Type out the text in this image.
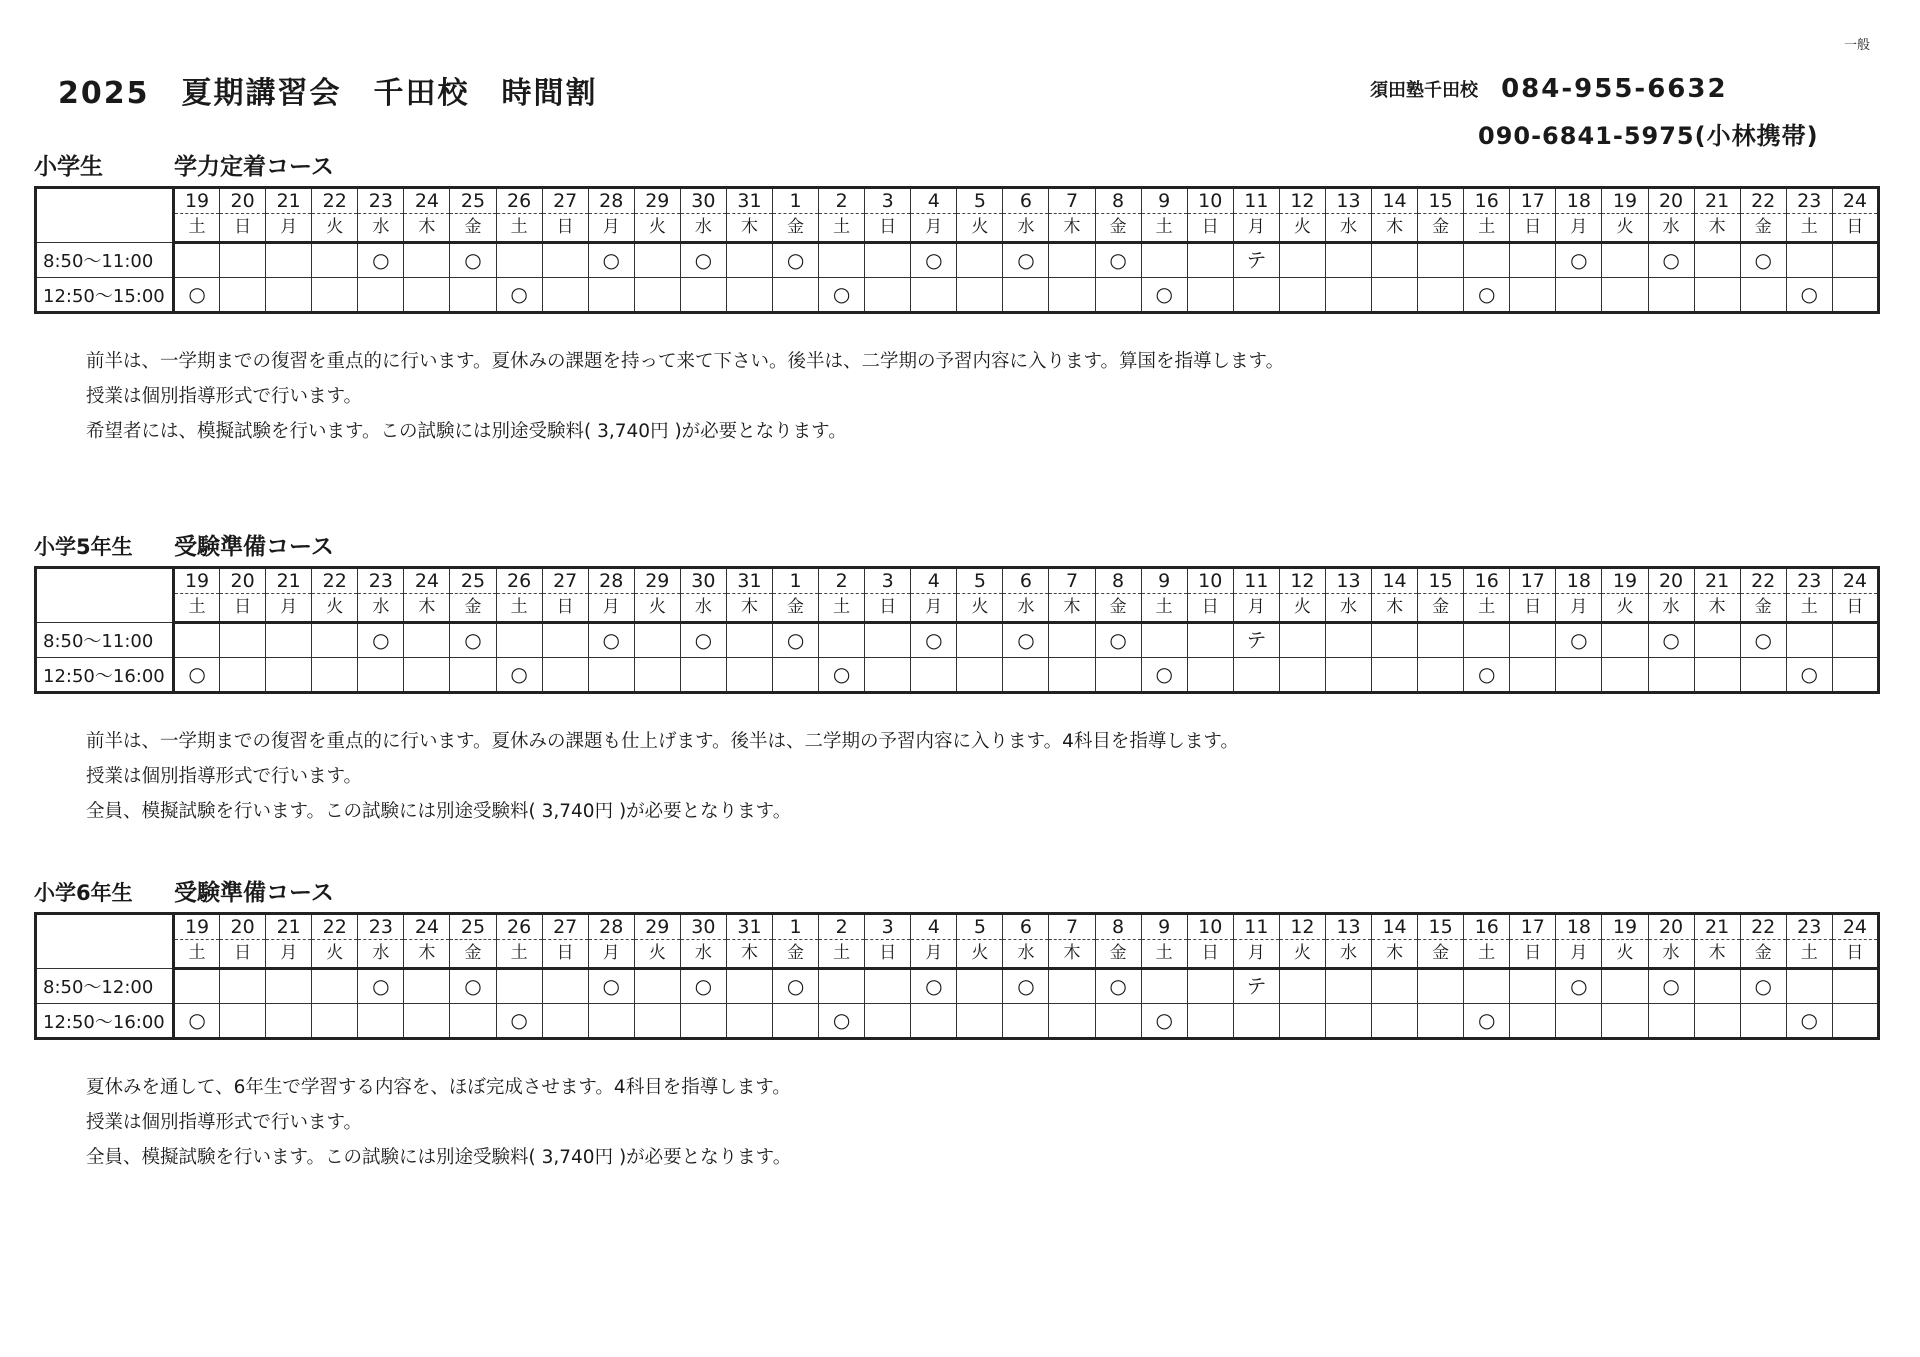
一般
2025　夏期講習会　千田校　時間割	須田塾千田校 084-955-6632
090-6841-5975(小林携帯)
小学生	学力定着コース
	19	20	21	22	23	24	25	26	27	28	29	30	31	1	2	3	4	5	6	7	8	9	10	11	12	13	14	15	16	17	18	19	20	21	22	23	24
	土	日	月	火	水	木	金	土	日	月	火	水	木	金	土	日	月	火	水	木	金	土	日	月	火	水	木	金	土	日	月	火	水	木	金	土	日
8:50～11:00					○		○			○		○		○			○		○		○			テ							○		○		○		
12:50～15:00	○							○							○							○							○							○	

前半は、一学期までの復習を重点的に行います。夏休みの課題を持って来て下さい。後半は、二学期の予習内容に入ります。算国を指導します。

授業は個別指導形式で行います。

希望者には、模擬試験を行います。この試験には別途受験料( 3,740円 )が必要となります。

小学5年生 受験準備コース
	19	20	21	22	23	24	25	26	27	28	29	30	31	1	2	3	4	5	6	7	8	9	10	11	12	13	14	15	16	17	18	19	20	21	22	23	24
	土	日	月	火	水	木	金	土	日	月	火	水	木	金	土	日	月	火	水	木	金	土	日	月	火	水	木	金	土	日	月	火	水	木	金	土	日
8:50～11:00					○		○			○		○		○			○		○		○			テ							○		○		○		
12:50～16:00	○							○							○							○							○							○	

前半は、一学期までの復習を重点的に行います。夏休みの課題も仕上げます。後半は、二学期の予習内容に入ります。4科目を指導します。

授業は個別指導形式で行います。

全員、模擬試験を行います。この試験には別途受験料( 3,740円 )が必要となります。

小学6年生 受験準備コース
	19	20	21	22	23	24	25	26	27	28	29	30	31	1	2	3	4	5	6	7	8	9	10	11	12	13	14	15	16	17	18	19	20	21	22	23	24
	土	日	月	火	水	木	金	土	日	月	火	水	木	金	土	日	月	火	水	木	金	土	日	月	火	水	木	金	土	日	月	火	水	木	金	土	日
8:50～12:00					○		○			○		○		○			○		○		○			テ							○		○		○		
12:50～16:00	○							○							○							○							○							○	

夏休みを通して、6年生で学習する内容を、ほぼ完成させます。4科目を指導します。

授業は個別指導形式で行います。

全員、模擬試験を行います。この試験には別途受験料( 3,740円 )が必要となります。
